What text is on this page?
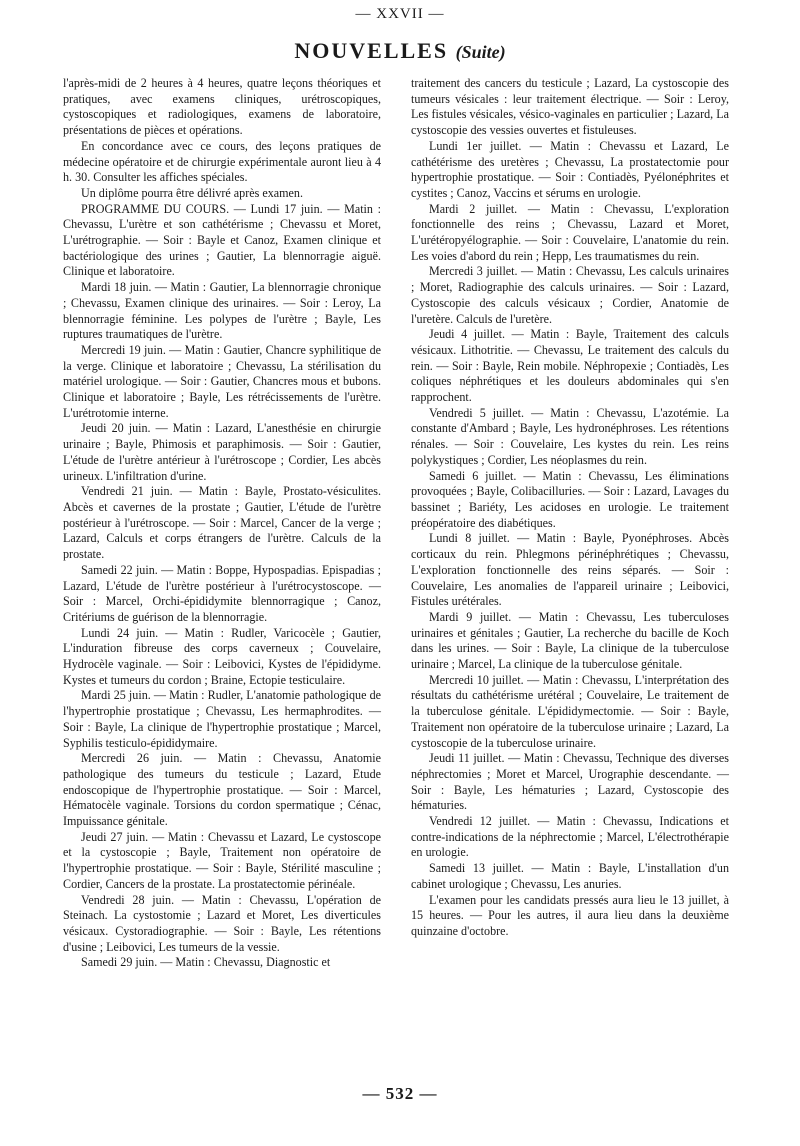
— XXVII —
NOUVELLES (Suite)

l'après-midi de 2 heures à 4 heures, quatre leçons théoriques et pratiques, avec examens cliniques, urétroscopiques, cystoscopiques et radiologiques, examens de laboratoire, présentations de pièces et opérations.

En concordance avec ce cours, des leçons pratiques de médecine opératoire et de chirurgie expérimentale auront lieu à 4 h. 30. Consulter les affiches spéciales.

Un diplôme pourra être délivré après examen.

PROGRAMME DU COURS. — Lundi 17 juin. — Matin : Chevassu, L'urètre et son cathétérisme ; Chevassu et Moret, L'urétrographie. — Soir : Bayle et Canoz, Examen clinique et bactériologique des urines ; Gautier, La blennorragie aiguë. Clinique et laboratoire.

Mardi 18 juin. — Matin : Gautier, La blennorragie chronique ; Chevassu, Examen clinique des urinaires. — Soir : Leroy, La blennorragie féminine. Les polypes de l'urètre ; Bayle, Les ruptures traumatiques de l'urètre.

Mercredi 19 juin. — Matin : Gautier, Chancre syphilitique de la verge. Clinique et laboratoire ; Chevassu, La stérilisation du matériel urologique. — Soir : Gautier, Chancres mous et bubons. Clinique et laboratoire ; Bayle, Les rétrécissements de l'urètre. L'urétrotomie interne.

Jeudi 20 juin. — Matin : Lazard, L'anesthésie en chirurgie urinaire ; Bayle, Phimosis et paraphimosis. — Soir : Gautier, L'étude de l'urètre antérieur à l'urétroscope ; Cordier, Les abcès urineux. L'infiltration d'urine.

Vendredi 21 juin. — Matin : Bayle, Prostato-vésiculites. Abcès et cavernes de la prostate ; Gautier, L'étude de l'urètre postérieur à l'urétroscope. — Soir : Marcel, Cancer de la verge ; Lazard, Calculs et corps étrangers de l'urètre. Calculs de la prostate.

Samedi 22 juin. — Matin : Boppe, Hypospadias. Epispadias ; Lazard, L'étude de l'urètre postérieur à l'urétrocystoscope. — Soir : Marcel, Orchi-épididymite blennorragique ; Canoz, Critériums de guérison de la blennorragie.

Lundi 24 juin. — Matin : Rudler, Varicocèle ; Gautier, L'induration fibreuse des corps caverneux ; Couvelaire, Hydrocèle vaginale. — Soir : Leibovici, Kystes de l'épididyme. Kystes et tumeurs du cordon ; Braine, Ectopie testiculaire.

Mardi 25 juin. — Matin : Rudler, L'anatomie pathologique de l'hypertrophie prostatique ; Chevassu, Les hermaphrodites. — Soir : Bayle, La clinique de l'hypertrophie prostatique ; Marcel, Syphilis testiculo-épididymaire.

Mercredi 26 juin. — Matin : Chevassu, Anatomie pathologique des tumeurs du testicule ; Lazard, Etude endoscopique de l'hypertrophie prostatique. — Soir : Marcel, Hématocèle vaginale. Torsions du cordon spermatique ; Cénac, Impuissance génitale.

Jeudi 27 juin. — Matin : Chevassu et Lazard, Le cystoscope et la cystoscopie ; Bayle, Traitement non opératoire de l'hypertrophie prostatique. — Soir : Bayle, Stérilité masculine ; Cordier, Cancers de la prostate. La prostatectomie périnéale.

Vendredi 28 juin. — Matin : Chevassu, L'opération de Steinach. La cystostomie ; Lazard et Moret, Les diverticules vésicaux. Cystoradiographie. — Soir : Bayle, Les rétentions d'usine ; Leibovici, Les tumeurs de la vessie.

Samedi 29 juin. — Matin : Chevassu, Diagnostic et

traitement des cancers du testicule ; Lazard, La cystoscopie des tumeurs vésicales : leur traitement électrique. — Soir : Leroy, Les fistules vésicales, vésico-vaginales en particulier ; Lazard, La cystoscopie des vessies ouvertes et fistuleuses.

Lundi 1er juillet. — Matin : Chevassu et Lazard, Le cathétérisme des uretères ; Chevassu, La prostatectomie pour hypertrophie prostatique. — Soir : Contiadès, Pyélonéphrites et cystites ; Canoz, Vaccins et sérums en urologie.

Mardi 2 juillet. — Matin : Chevassu, L'exploration fonctionnelle des reins ; Chevassu, Lazard et Moret, L'urétéropyélographie. — Soir : Couvelaire, L'anatomie du rein. Les voies d'abord du rein ; Hepp, Les traumatismes du rein.

Mercredi 3 juillet. — Matin : Chevassu, Les calculs urinaires ; Moret, Radiographie des calculs urinaires. — Soir : Lazard, Cystoscopie des calculs vésicaux ; Cordier, Anatomie de l'uretère. Calculs de l'uretère.

Jeudi 4 juillet. — Matin : Bayle, Traitement des calculs vésicaux. Lithotritie. — Chevassu, Le traitement des calculs du rein. — Soir : Bayle, Rein mobile. Néphropexie ; Contiadès, Les coliques néphrétiques et les douleurs abdominales qui s'en rapprochent.

Vendredi 5 juillet. — Matin : Chevassu, L'azotémie. La constante d'Ambard ; Bayle, Les hydronéphroses. Les rétentions rénales. — Soir : Couvelaire, Les kystes du rein. Les reins polykystiques ; Cordier, Les néoplasmes du rein.

Samedi 6 juillet. — Matin : Chevassu, Les éliminations provoquées ; Bayle, Colibacilluries. — Soir : Lazard, Lavages du bassinet ; Bariéty, Les acidoses en urologie. Le traitement préopératoire des diabétiques.

Lundi 8 juillet. — Matin : Bayle, Pyonéphroses. Abcès corticaux du rein. Phlegmons périnéphrétiques ; Chevassu, L'exploration fonctionnelle des reins séparés. — Soir : Couvelaire, Les anomalies de l'appareil urinaire ; Leibovici, Fistules urétérales.

Mardi 9 juillet. — Matin : Chevassu, Les tuberculoses urinaires et génitales ; Gautier, La recherche du bacille de Koch dans les urines. — Soir : Bayle, La clinique de la tuberculose urinaire ; Marcel, La clinique de la tuberculose génitale.

Mercredi 10 juillet. — Matin : Chevassu, L'interprétation des résultats du cathétérisme urétéral ; Couvelaire, Le traitement de la tuberculose génitale. L'épididymectomie. — Soir : Bayle, Traitement non opératoire de la tuberculose urinaire ; Lazard, La cystoscopie de la tuberculose urinaire.

Jeudi 11 juillet. — Matin : Chevassu, Technique des diverses néphrectomies ; Moret et Marcel, Urographie descendante. — Soir : Bayle, Les hématuries ; Lazard, Cystoscopie des hématuries.

Vendredi 12 juillet. — Matin : Chevassu, Indications et contre-indications de la néphrectomie ; Marcel, L'électrothérapie en urologie.

Samedi 13 juillet. — Matin : Bayle, L'installation d'un cabinet urologique ; Chevassu, Les anuries.

L'examen pour les candidats pressés aura lieu le 13 juillet, à 15 heures. — Pour les autres, il aura lieu dans la deuxième quinzaine d'octobre.

— 532 —
